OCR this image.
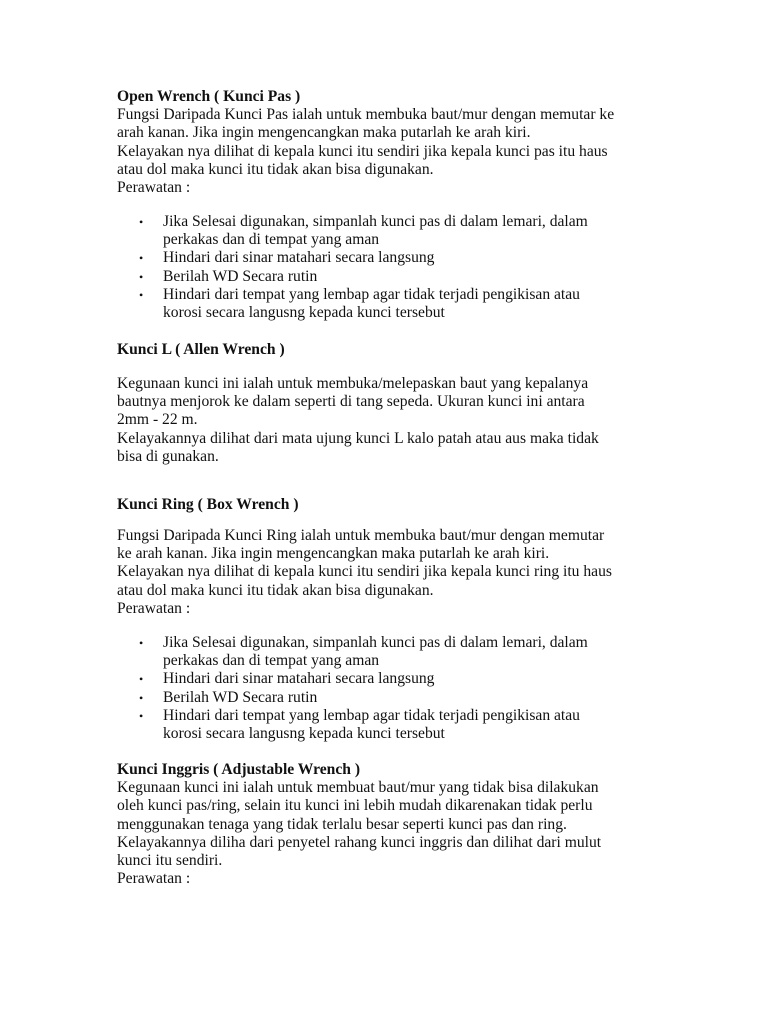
Open Wrench ( Kunci Pas )
Fungsi Daripada Kunci Pas ialah untuk membuka baut/mur dengan memutar ke
arah kanan. Jika ingin mengencangkan maka putarlah ke arah kiri.
Kelayakan nya dilihat di kepala kunci itu sendiri jika kepala kunci pas itu haus
atau dol maka kunci itu tidak akan bisa digunakan.
Perawatan :
• Jika Selesai digunakan, simpanlah kunci pas di dalam lemari, dalam
perkakas dan di tempat yang aman
• Hindari dari sinar matahari secara langsung
• Berilah WD Secara rutin
• Hindari dari tempat yang lembap agar tidak terjadi pengikisan atau
korosi secara langusng kepada kunci tersebut
Kunci L ( Allen Wrench )
Kegunaan kunci ini ialah untuk membuka/melepaskan baut yang kepalanya
bautnya menjorok ke dalam seperti di tang sepeda. Ukuran kunci ini antara
2mm - 22 m.
Kelayakannya dilihat dari mata ujung kunci L kalo patah atau aus maka tidak
bisa di gunakan.
Kunci Ring ( Box Wrench )
Fungsi Daripada Kunci Ring ialah untuk membuka baut/mur dengan memutar
ke arah kanan. Jika ingin mengencangkan maka putarlah ke arah kiri.
Kelayakan nya dilihat di kepala kunci itu sendiri jika kepala kunci ring itu haus
atau dol maka kunci itu tidak akan bisa digunakan.
Perawatan :
• Jika Selesai digunakan, simpanlah kunci pas di dalam lemari, dalam
perkakas dan di tempat yang aman
• Hindari dari sinar matahari secara langsung
• Berilah WD Secara rutin
• Hindari dari tempat yang lembap agar tidak terjadi pengikisan atau
korosi secara langusng kepada kunci tersebut
Kunci Inggris ( Adjustable Wrench )
Kegunaan kunci ini ialah untuk membuat baut/mur yang tidak bisa dilakukan
oleh kunci pas/ring, selain itu kunci ini lebih mudah dikarenakan tidak perlu
menggunakan tenaga yang tidak terlalu besar seperti kunci pas dan ring.
Kelayakannya diliha dari penyetel rahang kunci inggris dan dilihat dari mulut
kunci itu sendiri.
Perawatan :
